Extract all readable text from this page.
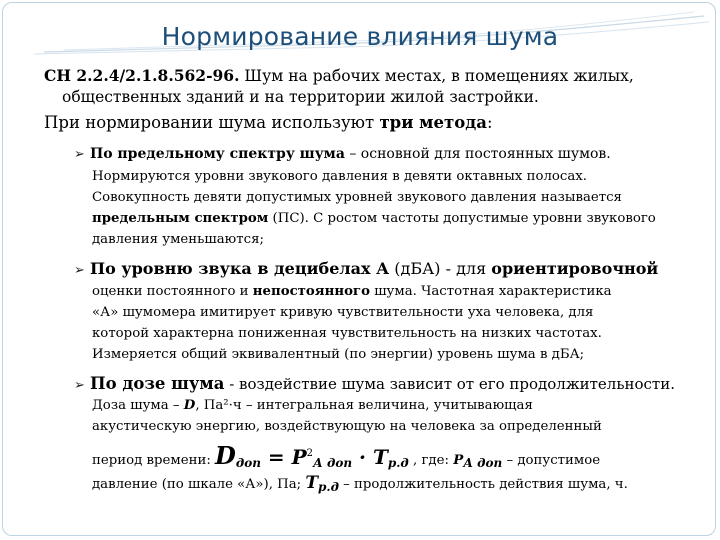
Нормирование влияния шума

СН 2.2.4/2.1.8.562-96. Шум на рабочих местах, в помещениях жилых,

общественных зданий и на территории жилой застройки.

При нормировании шума используют три метода:

➢ По предельному спектру шума – основной для постоянных шумов.

Нормируются уровни звукового давления в девяти октавных полосах.

Совокупность девяти допустимых уровней звукового давления называется

предельным спектром (ПС). С ростом частоты допустимые уровни звукового

давления уменьшаются;

➢ По уровню звука в децибелах А (дБА) - для ориентировочной

оценки постоянного и непостоянного шума. Частотная характеристика

«А» шумомера имитирует кривую чувствительности уха человека, для

которой характерна пониженная чувствительность на низких частотах.

Измеряется общий эквивалентный (по энергии) уровень шума в дБА;

➢ По дозе шума - воздействие шума зависит от его продолжительности.

Доза шума – D, Па²·ч – интегральная величина, учитывающая

акустическую энергию, воздействующую на человека за определенный

период времени: $D_{доп} = P^2_{А доп} \cdot T_{р.д}$ , где: $P_{А доп}$ – допустимое

давление (по шкале «А»), Па; $T_{р.д}$ – продолжительность действия шума, ч.
